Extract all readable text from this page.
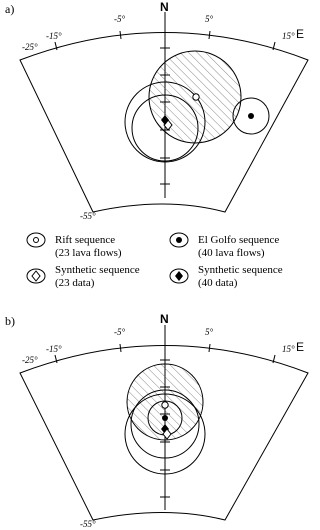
a)	N
E
-15°
-25°
-5°	5°
15°
-55°
Rift sequence
(23 lava flows)
El Golfo sequence
(40 lava flows)
Synthetic sequence
(23 data)
Synthetic sequence
(40 data)
b)	N
E
-15°
-25°
-5°	5°
15°
-55°
